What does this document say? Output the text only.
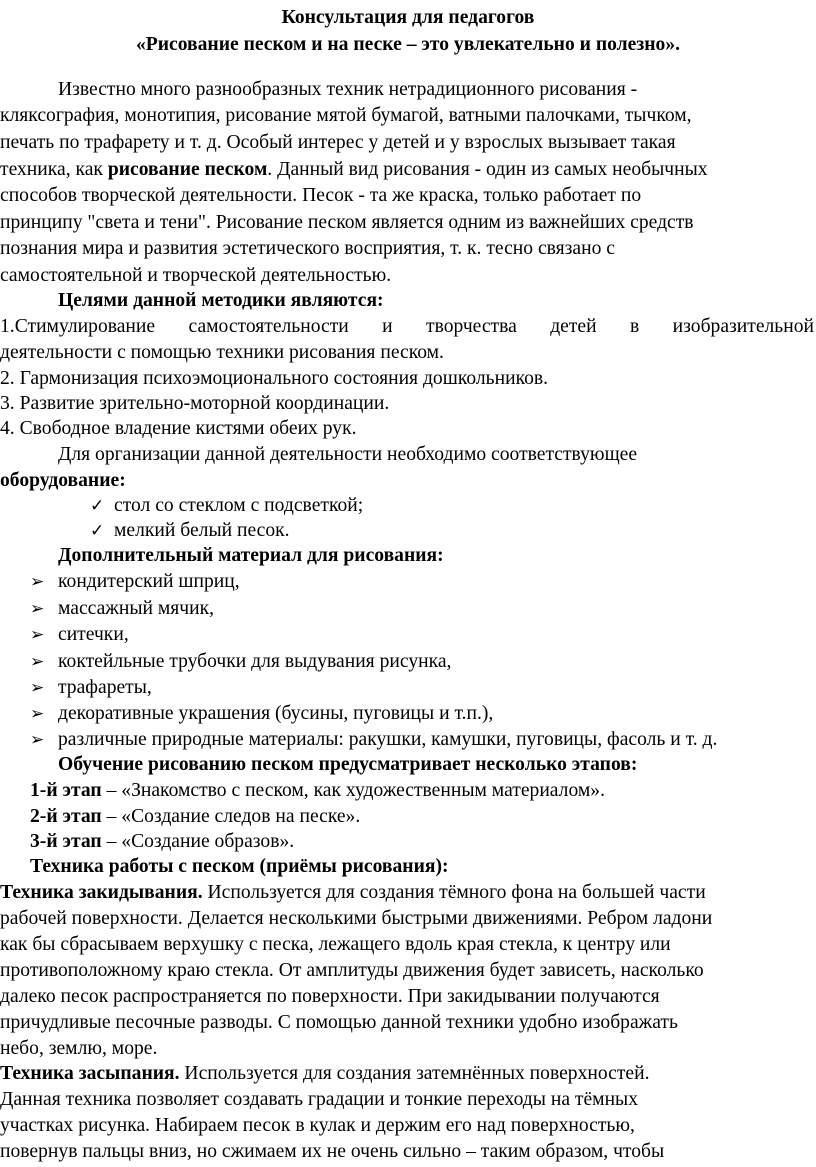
Консультация для педагогов
«Рисование песком и на песке – это увлекательно и полезно».
Известно много разнообразных техник нетрадиционного рисования -
кляксография, монотипия, рисование мятой бумагой, ватными палочками, тычком,
печать по трафарету и т. д. Особый интерес у детей и у взрослых вызывает такая
техника, как рисование песком. Данный вид рисования - один из самых необычных
способов творческой деятельности. Песок - та же краска, только работает по
принципу "света и тени". Рисование песком является одним из важнейших средств
познания мира и развития эстетического восприятия, т. к. тесно связано с
самостоятельной и творческой деятельностью.
Целями данной методики являются:
1.Стимулирование самостоятельности и творчества детей в изобразительной
деятельности с помощью техники рисования песком.
2. Гармонизация психоэмоционального состояния дошкольников.
3. Развитие зрительно-моторной координации.
4. Свободное владение кистями обеих рук.
Для организации данной деятельности необходимо соответствующее
оборудование:
✓ стол со стеклом с подсветкой;
✓ мелкий белый песок.
Дополнительный материал для рисования:
➢ кондитерский шприц,
➢ массажный мячик,
➢ ситечки,
➢ коктейльные трубочки для выдувания рисунка,
➢ трафареты,
➢ декоративные украшения (бусины, пуговицы и т.п.),
➢ различные природные материалы: ракушки, камушки, пуговицы, фасоль и т. д.
Обучение рисованию песком предусматривает несколько этапов:
1-й этап – «Знакомство с песком, как художественным материалом».
2-й этап – «Создание следов на песке».
3-й этап – «Создание образов».
Техника работы с песком (приёмы рисования):
Техника закидывания. Используется для создания тёмного фона на большей части
рабочей поверхности. Делается несколькими быстрыми движениями. Ребром ладони
как бы сбрасываем верхушку с песка, лежащего вдоль края стекла, к центру или
противоположному краю стекла. От амплитуды движения будет зависеть, насколько
далеко песок распространяется по поверхности. При закидывании получаются
причудливые песочные разводы. С помощью данной техники удобно изображать
небо, землю, море.
Техника засыпания. Используется для создания затемнённых поверхностей.
Данная техника позволяет создавать градации и тонкие переходы на тёмных
участках рисунка. Набираем песок в кулак и держим его над поверхностью,
повернув пальцы вниз, но сжимаем их не очень сильно – таким образом, чтобы
